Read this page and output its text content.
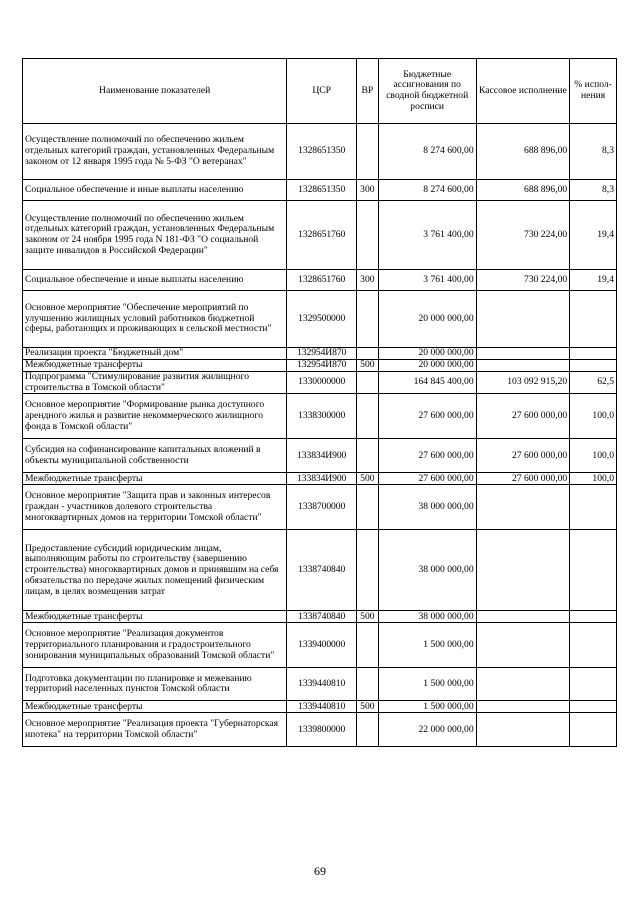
Наименование показателей	ЦСР	ВР	Бюджетные ассигнования по сводной бюджетной росписи	Кассовое исполнение	% испол-нения
Осуществление полномочий по обеспечению жильем отдельных категорий граждан, установленных Федеральным законом от 12 января 1995 года № 5-ФЗ "О ветеранах"	1328651350		8 274 600,00	688 896,00	8,3
Социальное обеспечение и иные выплаты населению	1328651350	300	8 274 600,00	688 896,00	8,3
Осуществление полномочий по обеспечению жильем отдельных категорий граждан, установленных Федеральным законом от 24 ноября 1995 года N 181-ФЗ "О социальной защите инвалидов в Российской Федерации"	1328651760		3 761 400,00	730 224,00	19,4
Социальное обеспечение и иные выплаты населению	1328651760	300	3 761 400,00	730 224,00	19,4
Основное мероприятие "Обеспечение мероприятий по улучшению жилищных условий работников бюджетной сферы, работающих и проживающих в сельской местности"	1329500000		20 000 000,00		
Реализация проекта "Бюджетный дом"	132954И870		20 000 000,00		
Межбюджетные трансферты	132954И870	500	20 000 000,00		
Подпрограмма "Стимулирование развития жилищного строительства в Томской области"	1330000000		164 845 400,00	103 092 915,20	62,5
Основное мероприятие "Формирование рынка доступного арендного жилья и развитие некоммерческого жилищного фонда в Томской области"	1338300000		27 600 000,00	27 600 000,00	100,0
Субсидия на софинансирование капитальных вложений в объекты муниципальной собственности	133834И900		27 600 000,00	27 600 000,00	100,0
Межбюджетные трансферты	133834И900	500	27 600 000,00	27 600 000,00	100,0
Основное мероприятие "Защита прав и законных интересов граждан - участников долевого строительства многоквартирных домов на территории Томской области"	1338700000		38 000 000,00		
Предоставление субсидий юридическим лицам, выполняющим работы по строительству (завершению строительства) многоквартирных домов и принявшим на себя обязательства по передаче жилых помещений физическим лицам, в целях возмещения затрат	1338740840		38 000 000,00		
Межбюджетные трансферты	1338740840	500	38 000 000,00		
Основное мероприятие "Реализация документов территориального планирования и градостроительного зонирования муниципальных образований Томской области"	1339400000		1 500 000,00		
Подготовка документации по планировке и межеванию территорий населенных пунктов Томской области	1339440810		1 500 000,00		
Межбюджетные трансферты	1339440810	500	1 500 000,00		
Основное мероприятие "Реализация проекта "Губернаторская ипотека" на территории Томской области"	1339800000		22 000 000,00		
69
